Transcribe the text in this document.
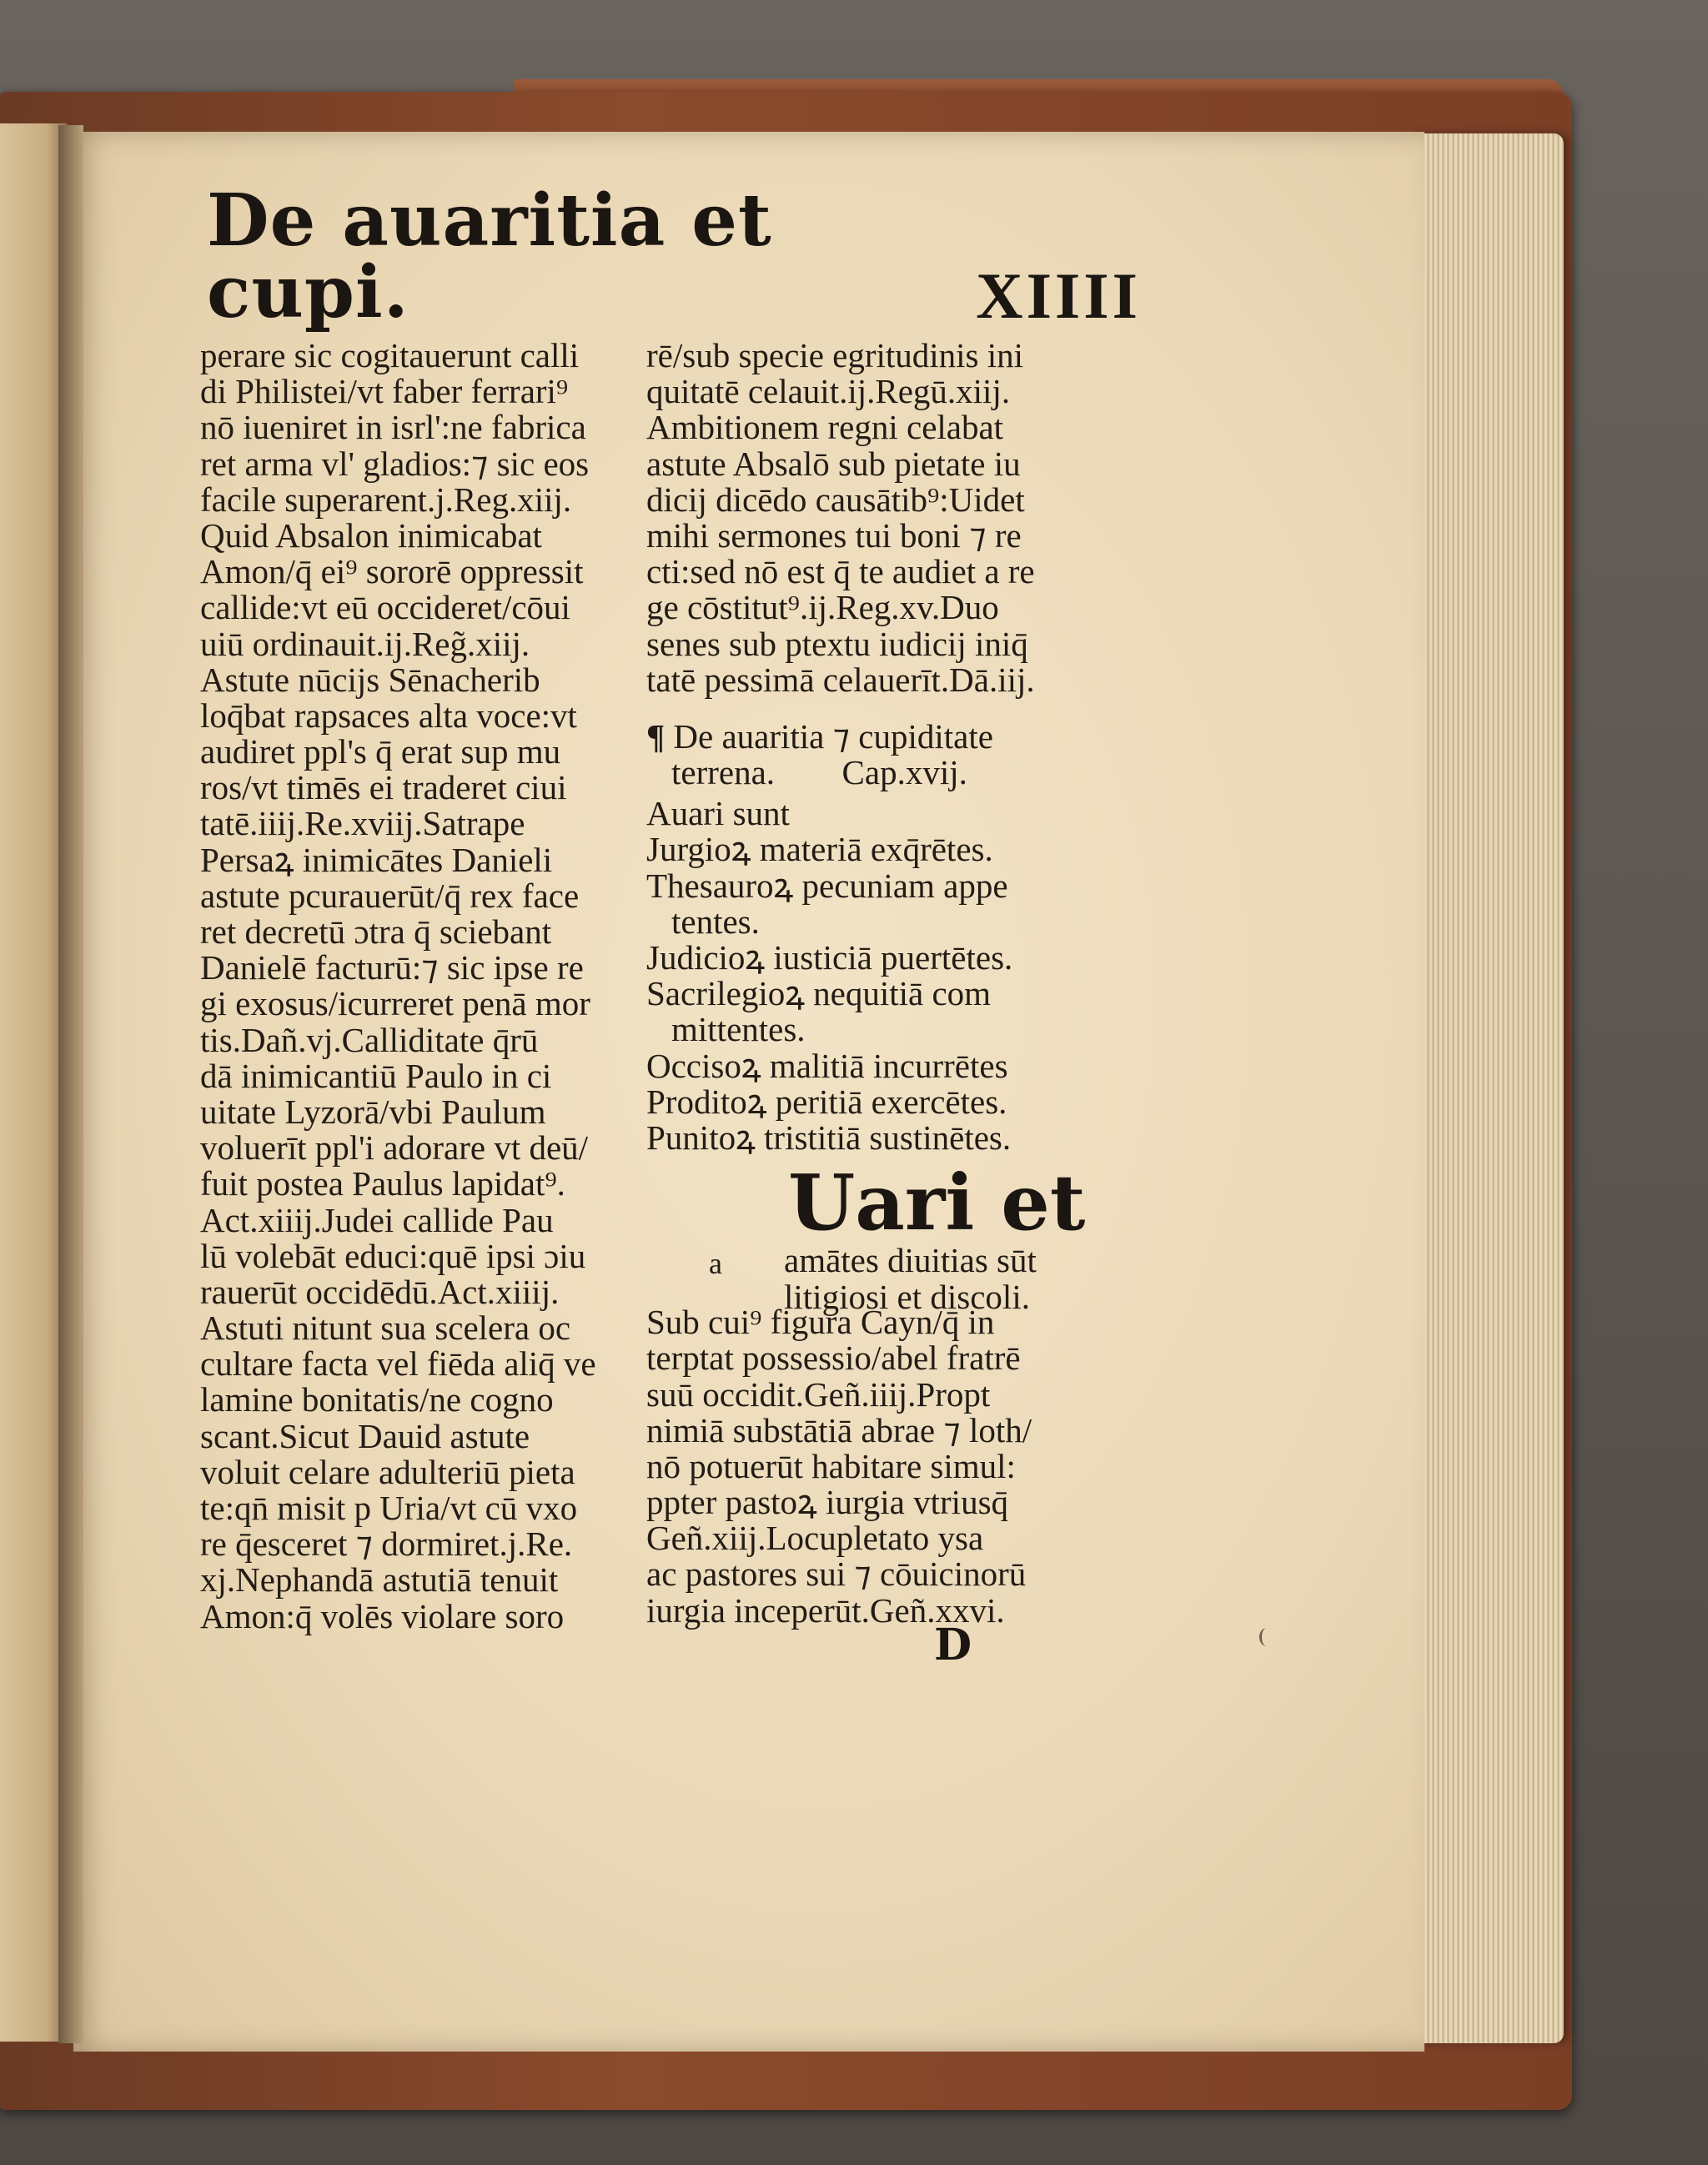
De auaritia et cupi.	XIIII
perare sic cogitauerunt calli
di Philistei/vt faber ferrari⁹
nō iueniret in isrl':ne fabrica
ret arma vl' gladios:⁊ sic eos
facile superarent.j.Reg.xiij.
Quid Absalon inimicabat
Amon/q̄ ei⁹ sororē oppressit
callide:vt eū occideret/cōui
uiū ordinauit.ij.Reg̃.xiij.
Astute nūcijs Sēnacherib
loq̄bat rapsaces alta voce:vt
audiret ppl's q̄ erat sup mu
ros/vt timēs ei traderet ciui
tatē.iiij.Re.xviij.Satrape
Persaꝝ inimicātes Danieli
astute pcurauerūt/q̄ rex face
ret decretū ɔtra q̄ sciebant
Danielē facturū:⁊ sic ipse re
gi exosus/icurreret penā mor
tis.Dañ.vj.Calliditate q̄rū
dā inimicantiū Paulo in ci
uitate Lyzorā/vbi Paulum
voluerīt ppl'i adorare vt deū/
fuit postea Paulus lapidat⁹.
Act.xiiij.Judei callide Pau
lū volebāt educi:quē ipsi ɔiu
rauerūt occidēdū.Act.xiiij.
Astuti nitunt sua scelera oc
cultare facta vel fiēda aliq̄ ve
lamine bonitatis/ne cogno
scant.Sicut Dauid astute
voluit celare adulteriū pieta
te:qn̄ misit p Uria/vt cū vxo
re q̄esceret ⁊ dormiret.j.Re.
xj.Nephandā astutiā tenuit
Amon:q̄ volēs violare soro
rē/sub specie egritudinis ini
quitatē celauit.ij.Regū.xiij.
Ambitionem regni celabat
astute Absalō sub pietate iu
dicij dicēdo causātib⁹:Uidet
mihi sermones tui boni ⁊ re
cti:sed nō est q̄ te audiet a re
ge cōstitut⁹.ij.Reg.xv.Duo
senes sub ptextu iudicij iniq̄
tatē pessimā celauerīt.Dā.iij.
¶ De auaritia ⁊ cupiditate
terrena. Cap.xvij.
Auari sunt
Jurgioꝝ materiā exq̄rētes.
Thesauroꝝ pecuniam appe
tentes.
Judicioꝝ iusticiā puertētes.
Sacrilegioꝝ nequitiā com
mittentes.
Occisoꝝ malitiā incurrētes
Proditoꝝ peritiā exercētes.
Punitoꝝ tristitiā sustinētes.
Uari et
a amātes diuitias sūt
litigiosi et discoli.
Sub cui⁹ figura Cayn/q̄ in
terptat possessio/abel fratrē
suū occidit.Geñ.iiij.Propt
nimiā substātiā abrae ⁊ loth/
nō potuerūt habitare simul:
ppter pastoꝝ iurgia vtriusq̄
Geñ.xiij.Locupletato ysa
ac pastores sui ⁊ cōuicinorū
iurgia inceperūt.Geñ.xxvi.
D
